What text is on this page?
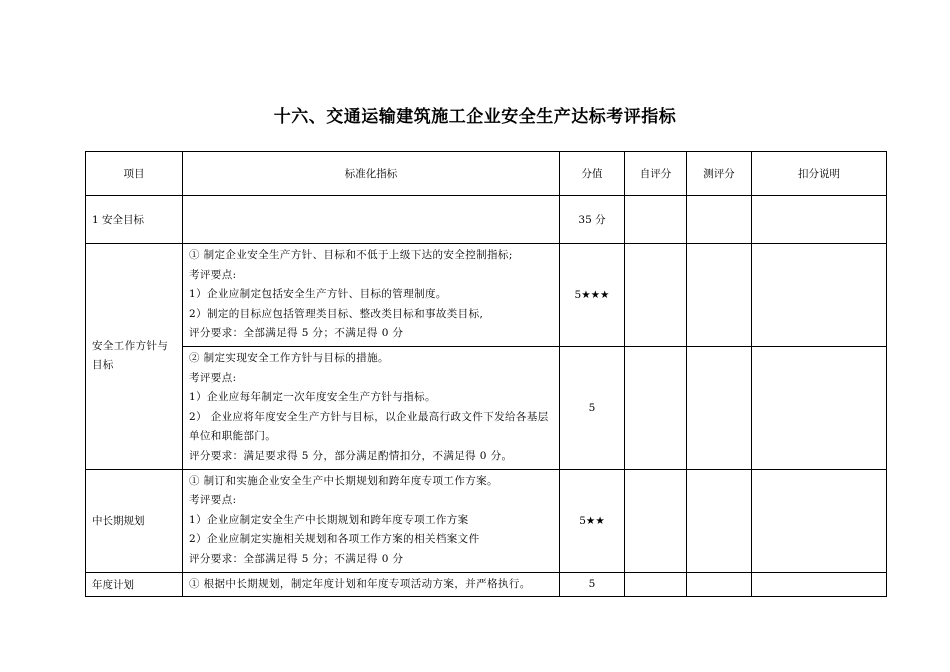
十六、交通运输建筑施工企业安全生产达标考评指标
项目	标准化指标	分值	自评分	测评分	扣分说明
1 安全目标		35 分			

安全工作方针与
目标	① 制定企业安全生产方针、目标和不低于上级下达的安全控制指标;
考评要点:
1）企业应制定包括安全生产方针、目标的管理制度。
2）制定的目标应包括管理类目标、整改类目标和事故类目标,
评分要求：全部满足得 5 分；不满足得 0 分	5★★★			

	② 制定实现安全工作方针与目标的措施。
考评要点:
1）企业应每年制定一次年度安全生产方针与指标。
2） 企业应将年度安全生产方针与目标，以企业最高行政文件下发给各基层单位和职能部门。
评分要求：满足要求得 5 分，部分满足酌情扣分，不满足得 0 分。	5			
中长期规划	① 制订和实施企业安全生产中长期规划和跨年度专项工作方案。
考评要点:
1）企业应制定安全生产中长期规划和跨年度专项工作方案
2）企业应制定实施相关规划和各项工作方案的相关档案文件
评分要求：全部满足得 5 分；不满足得 0 分	5★★			
年度计划	① 根据中长期规划，制定年度计划和年度专项活动方案，并严格执行。	5			
